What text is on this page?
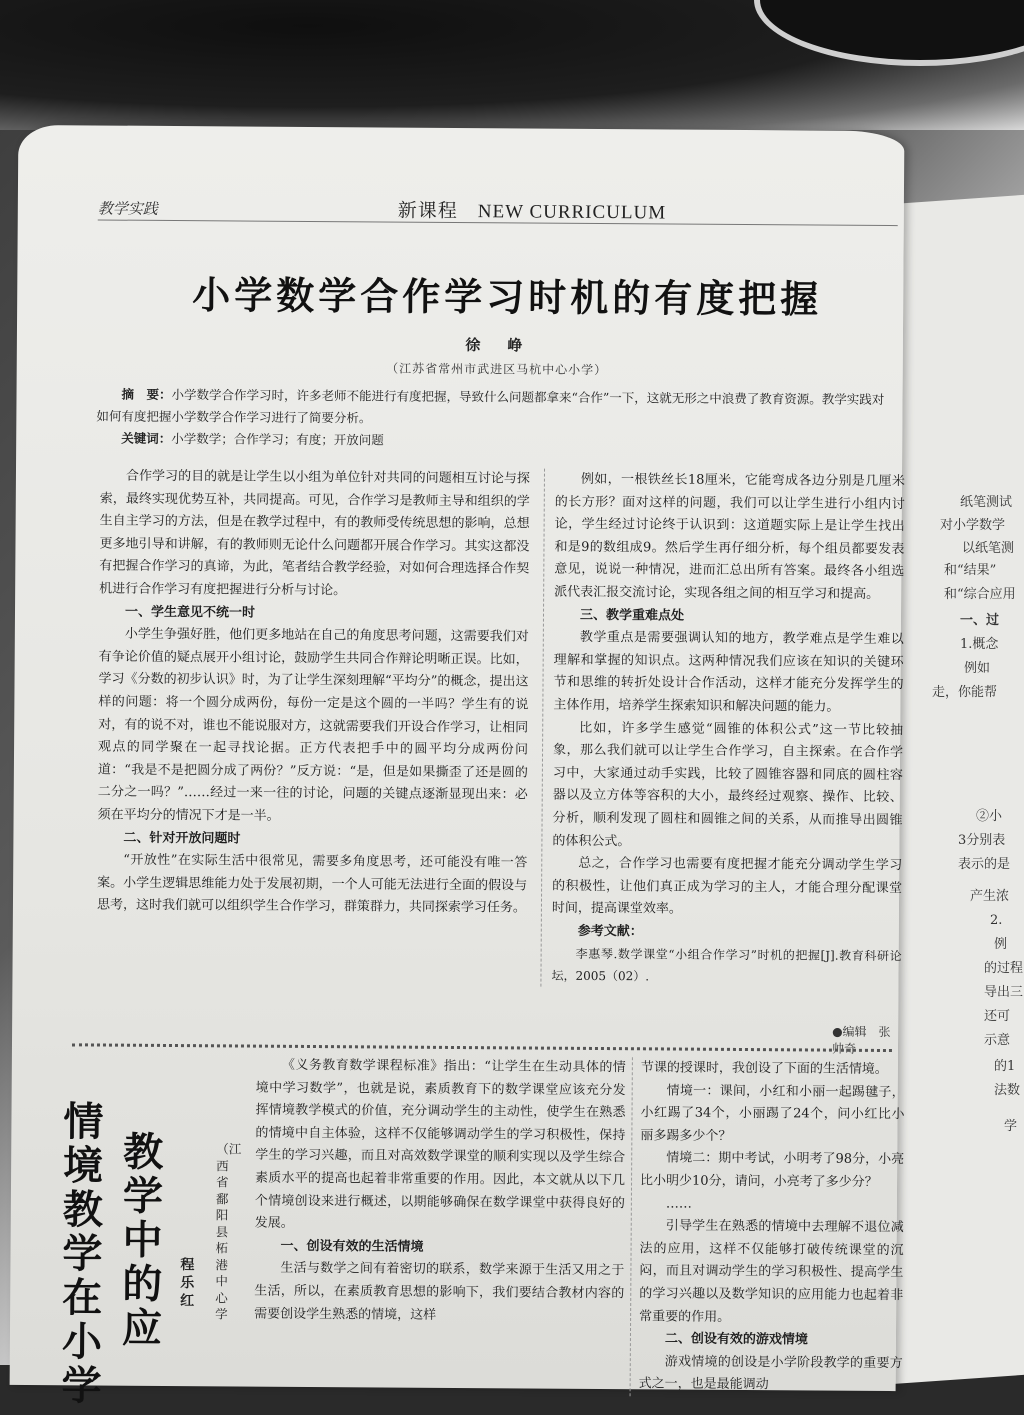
纸笔测试
对小学数学
以纸笔测
和“结果”
和“综合应用
一、过
1.概念
例如
走，你能帮
②小
3分别表
表示的是
产生浓
2.
例
的过程
导出三
还可
示意
的1
法数
学
教学实践	新课程　NEW CURRICULUM
小学数学合作学习时机的有度把握
徐　峥
（江苏省常州市武进区马杭中心小学）
摘　要：小学数学合作学习时，许多老师不能进行有度把握，导致什么问题都拿来“合作”一下，这就无形之中浪费了教育资源。教学实践对如何有度把握小学数学合作学习进行了简要分析。
关键词：小学数学；合作学习；有度；开放问题

合作学习的目的就是让学生以小组为单位针对共同的问题相互讨论与探索，最终实现优势互补，共同提高。可见，合作学习是教师主导和组织的学生自主学习的方法，但是在教学过程中，有的教师受传统思想的影响，总想更多地引导和讲解，有的教师则无论什么问题都开展合作学习。其实这都没有把握合作学习的真谛，为此，笔者结合教学经验，对如何合理选择合作契机进行合作学习有度把握进行分析与讨论。

一、学生意见不统一时

小学生争强好胜，他们更多地站在自己的角度思考问题，这需要我们对有争论价值的疑点展开小组讨论，鼓励学生共同合作辩论明晰正误。比如，学习《分数的初步认识》时，为了让学生深刻理解“平均分”的概念，提出这样的问题：将一个圆分成两份，每份一定是这个圆的一半吗？学生有的说对，有的说不对，谁也不能说服对方，这就需要我们开设合作学习，让相同观点的同学聚在一起寻找论据。正方代表把手中的圆平均分成两份问道：“我是不是把圆分成了两份？”反方说：“是，但是如果撕歪了还是圆的二分之一吗？”……经过一来一往的讨论，问题的关键点逐渐显现出来：必须在平均分的情况下才是一半。

二、针对开放问题时

“开放性”在实际生活中很常见，需要多角度思考，还可能没有唯一答案。小学生逻辑思维能力处于发展初期，一个人可能无法进行全面的假设与思考，这时我们就可以组织学生合作学习，群策群力，共同探索学习任务。

例如，一根铁丝长18厘米，它能弯成各边分别是几厘米的长方形？面对这样的问题，我们可以让学生进行小组内讨论，学生经过讨论终于认识到：这道题实际上是让学生找出和是9的数组成9。然后学生再仔细分析，每个组员都要发表意见，说说一种情况，进而汇总出所有答案。最终各小组选派代表汇报交流讨论，实现各组之间的相互学习和提高。

三、教学重难点处

教学重点是需要强调认知的地方，教学难点是学生难以理解和掌握的知识点。这两种情况我们应该在知识的关键环节和思维的转折处设计合作活动，这样才能充分发挥学生的主体作用，培养学生探索知识和解决问题的能力。

比如，许多学生感觉“圆锥的体积公式”这一节比较抽象，那么我们就可以让学生合作学习，自主探索。在合作学习中，大家通过动手实践，比较了圆锥容器和同底的圆柱容器以及立方体等容积的大小，最终经过观察、操作、比较、分析，顺利发现了圆柱和圆锥之间的关系，从而推导出圆锥的体积公式。

总之，合作学习也需要有度把握才能充分调动学生学习的积极性，让他们真正成为学习的主人，才能合理分配课堂时间，提高课堂效率。

参考文献：

李惠琴.数学课堂“小组合作学习”时机的把握[J].教育科研论坛，2005（02）.

●编辑　张帅奇
情境教学在小学
教学中的应
程乐红
（江西省鄱阳县柘港中心学

《义务教育数学课程标准》指出：“让学生在生动具体的情境中学习数学”，也就是说，素质教育下的数学课堂应该充分发挥情境教学模式的价值，充分调动学生的主动性，使学生在熟悉的情境中自主体验，这样不仅能够调动学生的学习积极性，保持学生的学习兴趣，而且对高效数学课堂的顺利实现以及学生综合素质水平的提高也起着非常重要的作用。因此，本文就从以下几个情境创设来进行概述，以期能够确保在数学课堂中获得良好的发展。

一、创设有效的生活情境

生活与数学之间有着密切的联系，数学来源于生活又用之于生活，所以，在素质教育思想的影响下，我们要结合教材内容的需要创设学生熟悉的情境，这样

节课的授课时，我创设了下面的生活情境。

情境一：课间，小红和小丽一起踢毽子，小红踢了34个，小丽踢了24个，问小红比小丽多踢多少个？

情境二：期中考试，小明考了98分，小亮比小明少10分，请问，小亮考了多少分？

……

引导学生在熟悉的情境中去理解不退位减法的应用，这样不仅能够打破传统课堂的沉闷，而且对调动学生的学习积极性、提高学生的学习兴趣以及数学知识的应用能力也起着非常重要的作用。

二、创设有效的游戏情境

游戏情境的创设是小学阶段教学的重要方式之一，也是最能调动
